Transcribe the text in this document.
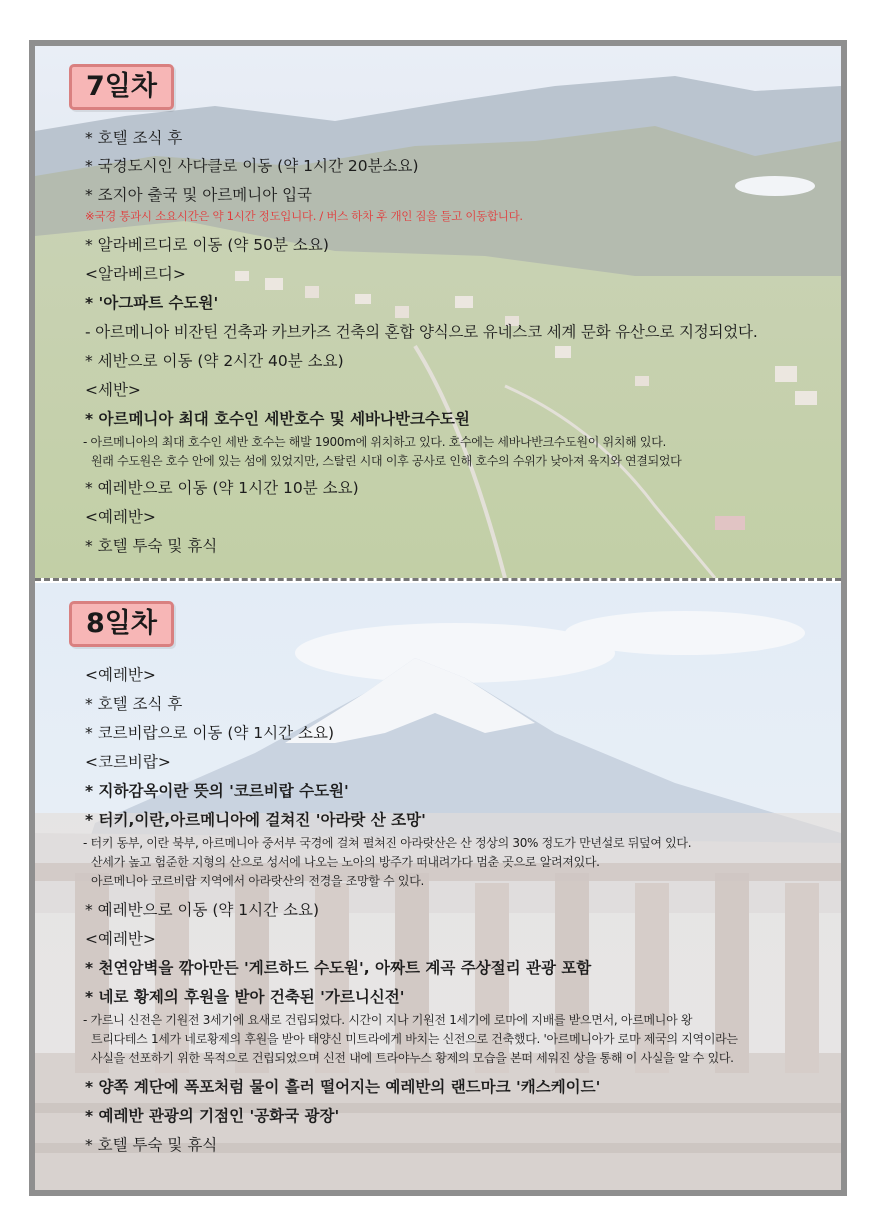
7일차
* 호텔 조식 후
* 국경도시인 사다클로 이동 (약 1시간 20분소요)
* 조지아 출국 및 아르메니아 입국
※국경 통과시 소요시간은 약 1시간 정도입니다. / 버스 하차 후 개인 짐을 들고 이동합니다.
* 알라베르디로 이동 (약 50분 소요)
<알라베르디>
* '아그파트 수도원'
- 아르메니아 비잔틴 건축과 카브카즈 건축의 혼합 양식으로 유네스코 세계 문화 유산으로 지정되었다.
* 세반으로 이동 (약 2시간 40분 소요)
<세반>
* 아르메니아 최대 호수인 세반호수 및 세바나반크수도원
- 아르메니아의 최대 호수인 세반 호수는 해발 1900m에 위치하고 있다. 호수에는 세바나반크수도원이 위치해 있다.
원래 수도원은 호수 안에 있는 섬에 있었지만, 스탈린 시대 이후 공사로 인해 호수의 수위가 낮아져 육지와 연결되었다
* 예레반으로 이동 (약 1시간 10분 소요)
<예레반>
* 호텔 투숙 및 휴식
8일차
<예레반>
* 호텔 조식 후
* 코르비랍으로 이동 (약 1시간 소요)
<코르비랍>
* 지하감옥이란 뜻의 '코르비랍 수도원'
* 터키,이란,아르메니아에 걸쳐진 '아라랏 산 조망'
- 터키 동부, 이란 북부, 아르메니아 중서부 국경에 걸쳐 펼쳐진 아라랏산은 산 정상의 30% 정도가 만년설로 뒤덮여 있다.
산세가 높고 험준한 지형의 산으로 성서에 나오는 노아의 방주가 떠내려가다 멈춘 곳으로 알려져있다.
아르메니아 코르비랍 지역에서 아라랏산의 전경을 조망할 수 있다.
* 예레반으로 이동 (약 1시간 소요)
<예레반>
* 천연암벽을 깎아만든 '게르하드 수도원', 아짜트 계곡 주상절리 관광 포함
* 네로 황제의 후원을 받아 건축된 '가르니신전'
- 가르니 신전은 기원전 3세기에 요새로 건립되었다. 시간이 지나 기원전 1세기에 로마에 지배를 받으면서, 아르메니아 왕
트리다테스 1세가 네로황제의 후원을 받아 태양신 미트라에게 바치는 신전으로 건축했다. '아르메니아가 로마 제국의 지역이라는
사실을 선포하기 위한 목적으로 건립되었으며 신전 내에 트라야누스 황제의 모습을 본떠 세워진 상을 통해 이 사실을 알 수 있다.
* 양쪽 계단에 폭포처럼 물이 흘러 떨어지는 예레반의 랜드마크 '캐스케이드'
* 예레반 관광의 기점인 '공화국 광장'
* 호텔 투숙 및 휴식
